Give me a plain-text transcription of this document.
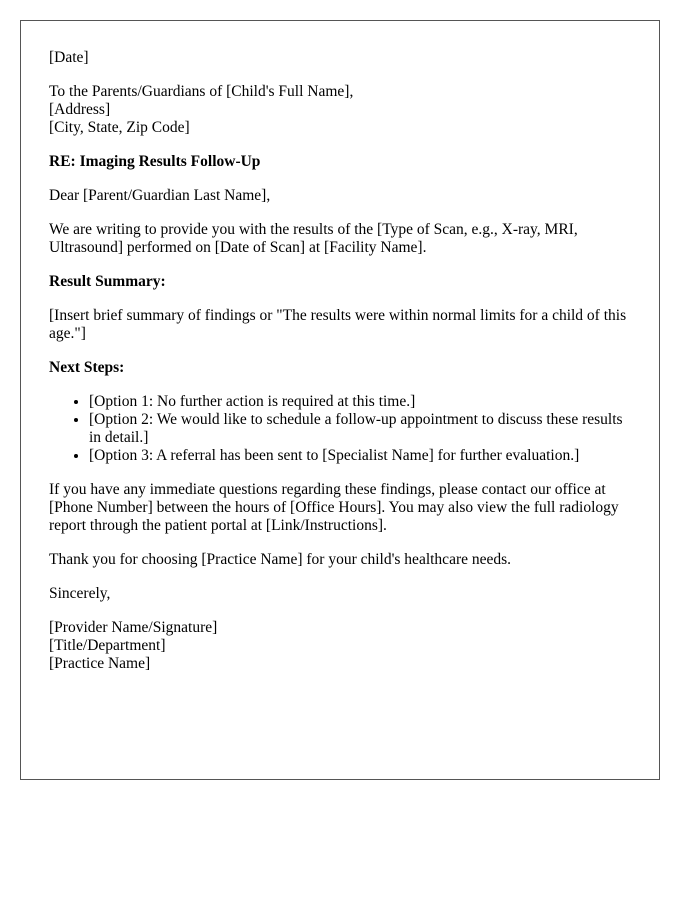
[Date]

To the Parents/Guardians of [Child's Full Name],
[Address]
[City, State, Zip Code]

RE: Imaging Results Follow-Up

Dear [Parent/Guardian Last Name],

We are writing to provide you with the results of the [Type of Scan, e.g., X-ray, MRI, Ultrasound] performed on [Date of Scan] at [Facility Name].

Result Summary:

[Insert brief summary of findings or "The results were within normal limits for a child of this age."]

Next Steps:

• [Option 1: No further action is required at this time.]
• [Option 2: We would like to schedule a follow-up appointment to discuss these results in detail.]
• [Option 3: A referral has been sent to [Specialist Name] for further evaluation.]

If you have any immediate questions regarding these findings, please contact our office at [Phone Number] between the hours of [Office Hours]. You may also view the full radiology report through the patient portal at [Link/Instructions].

Thank you for choosing [Practice Name] for your child's healthcare needs.

Sincerely,

[Provider Name/Signature]
[Title/Department]
[Practice Name]
